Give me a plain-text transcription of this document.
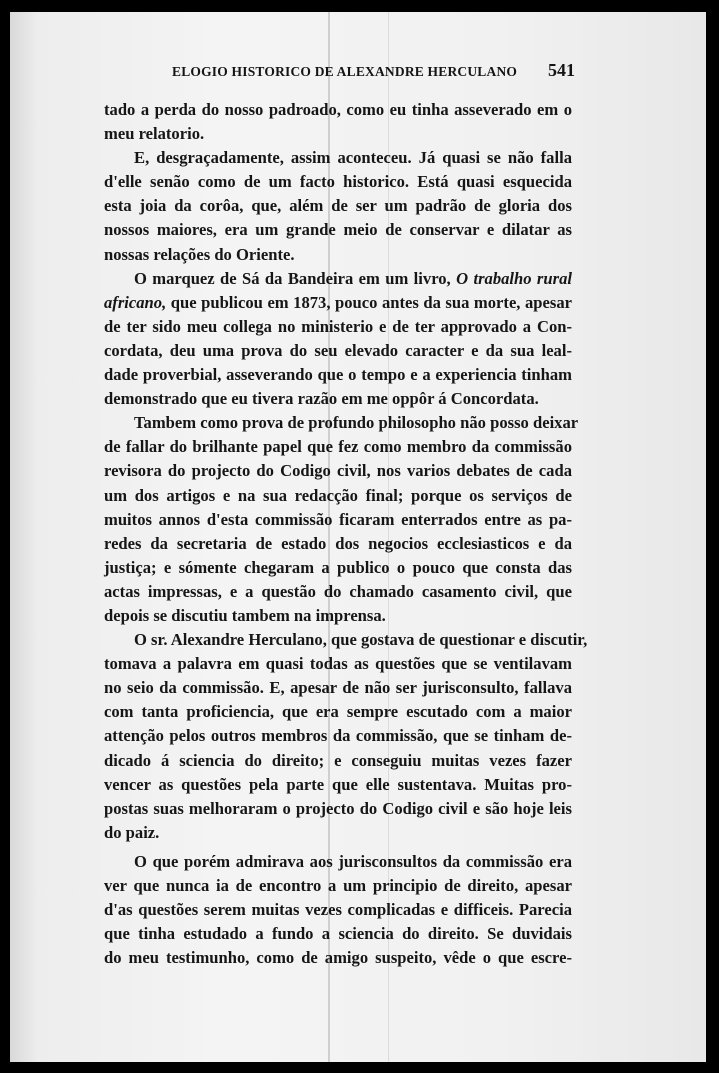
ELOGIO HISTORICO DE ALEXANDRE HERCULANO	541
tado a perda do nosso padroado, como eu tinha asseverado em o
meu relatorio.
E, desgraçadamente, assim aconteceu. Já quasi se não falla
d'elle senão como de um facto historico. Está quasi esquecida
esta joia da corôa, que, além de ser um padrão de gloria dos
nossos maiores, era um grande meio de conservar e dilatar as
nossas relações do Oriente.
O marquez de Sá da Bandeira em um livro, O trabalho rural
africano, que publicou em 1873, pouco antes da sua morte, apesar
de ter sido meu collega no ministerio e de ter approvado a Con-
cordata, deu uma prova do seu elevado caracter e da sua leal-
dade proverbial, asseverando que o tempo e a experiencia tinham
demonstrado que eu tivera razão em me oppôr á Concordata.
Tambem como prova de profundo philosopho não posso deixar
de fallar do brilhante papel que fez como membro da commissão
revisora do projecto do Codigo civil, nos varios debates de cada
um dos artigos e na sua redacção final; porque os serviços de
muitos annos d'esta commissão ficaram enterrados entre as pa-
redes da secretaria de estado dos negocios ecclesiasticos e da
justiça; e sómente chegaram a publico o pouco que consta das
actas impressas, e a questão do chamado casamento civil, que
depois se discutiu tambem na imprensa.
O sr. Alexandre Herculano, que gostava de questionar e discutir,
tomava a palavra em quasi todas as questões que se ventilavam
no seio da commissão. E, apesar de não ser jurisconsulto, fallava
com tanta proficiencia, que era sempre escutado com a maior
attenção pelos outros membros da commissão, que se tinham de-
dicado á sciencia do direito; e conseguiu muitas vezes fazer
vencer as questões pela parte que elle sustentava. Muitas pro-
postas suas melhoraram o projecto do Codigo civil e são hoje leis
do paiz.
O que porém admirava aos jurisconsultos da commissão era
ver que nunca ia de encontro a um principio de direito, apesar
d'as questões serem muitas vezes complicadas e difficeis. Parecia
que tinha estudado a fundo a sciencia do direito. Se duvidais
do meu testimunho, como de amigo suspeito, vêde o que escre-
